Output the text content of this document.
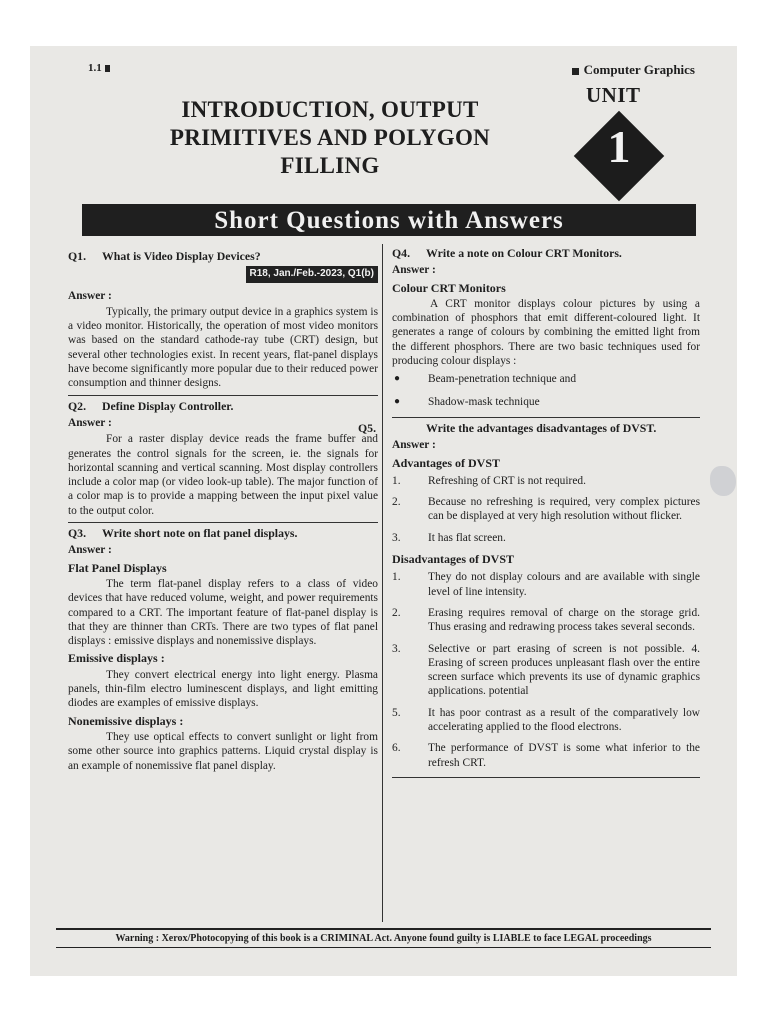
1.1	Computer Graphics
INTRODUCTION, OUTPUT
PRIMITIVES AND POLYGON
FILLING
UNIT
1
Short Questions with Answers
Q1. What is Video Display Devices?
R18, Jan./Feb.-2023, Q1(b)
Answer :

Typically, the primary output device in a graphics system is a video monitor. Historically, the operation of most video monitors was based on the standard cathode-ray tube (CRT) design, but several other technologies exist. In recent years, flat-panel displays have become significantly more popular due to their reduced power consumption and thinner designs.

Q2. Define Display Controller.
Answer :

For a raster display device reads the frame buffer and generates the control signals for the screen, ie. the signals for horizontal scanning and vertical scanning. Most display controllers include a color map (or video look-up table). The major function of a color map is to provide a mapping between the input pixel value to the output color.

Q3. Write short note on flat panel displays.
Answer :
Flat Panel Displays

The term flat-panel display refers to a class of video devices that have reduced volume, weight, and power requirements compared to a CRT. The important feature of flat-panel display is that they are thinner than CRTs. There are two types of flat panel displays : emissive displays and nonemissive displays.

Emissive displays :

They convert electrical energy into light energy. Plasma panels, thin-film electro luminescent displays, and light emitting diodes are examples of emissive displays.

Nonemissive displays :

They use optical effects to convert sunlight or light from some other source into graphics patterns. Liquid crystal display is an example of nonemissive flat panel display.

Q4. Write a note on Colour CRT Monitors.
Answer :
Colour CRT Monitors

A CRT monitor displays colour pictures by using a combination of phosphors that emit different-coloured light. It generates a range of colours by combining the emitted light from the different phosphors. There are two basic techniques used for producing colour displays :

● Beam-penetration technique and
● Shadow-mask technique
Q5.	Write the advantages disadvantages of DVST.
Answer :
Advantages of DVST
1. Refreshing of CRT is not required.
2. Because no refreshing is required, very complex pictures can be displayed at very high resolution without flicker.
3. It has flat screen.
Disadvantages of DVST
1. They do not display colours and are available with single level of line intensity.
2. Erasing requires removal of charge on the storage grid. Thus erasing and redrawing process takes several seconds.
3. Selective or part erasing of screen is not possible. 4. Erasing of screen produces unpleasant flash over the entire screen surface which prevents its use of dynamic graphics applications. potential
5. It has poor contrast as a result of the comparatively low accelerating applied to the flood electrons.
6. The performance of DVST is some what inferior to the refresh CRT.
Warning : Xerox/Photocopying of this book is a CRIMINAL Act. Anyone found guilty is LIABLE to face LEGAL proceedings
